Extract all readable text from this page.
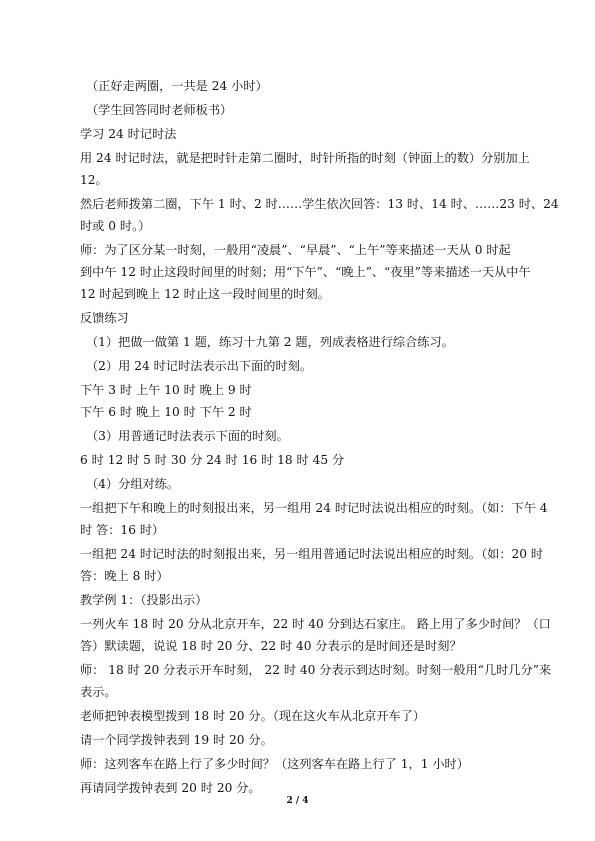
（正好走两圈，一共是 24 小时）
（学生回答同时老师板书）
学习 24 时记时法
用 24 时记时法，就是把时针走第二圈时，时针所指的时刻（钟面上的数）分别加上
12。
然后老师拨第二圈，下午 1 时、2 时……学生依次回答：13 时、14 时、……23 时、24
时或 0 时。）
师：为了区分某一时刻，一般用“凌晨”、“早晨”、“上午”等来描述一天从 0 时起
到中午 12 时止这段时间里的时刻；用“下午”、“晚上”、“夜里”等来描述一天从中午
12 时起到晚上 12 时止这一段时间里的时刻。
反馈练习
（1）把做一做第 1 题，练习十九第 2 题，列成表格进行综合练习。
（2）用 24 时记时法表示出下面的时刻。
下午 3 时 上午 10 时 晚上 9 时
下午 6 时 晚上 10 时 下午 2 时
（3）用普通记时法表示下面的时刻。
6 时 12 时 5 时 30 分 24 时 16 时 18 时 45 分
（4）分组对练。
一组把下午和晚上的时刻报出来，另一组用 24 时记时法说出相应的时刻。（如：下午 4
时 答：16 时）
一组把 24 时记时法的时刻报出来，另一组用普通记时法说出相应的时刻。（如：20 时
答：晚上 8 时）
教学例 1：（投影出示）
一列火车 18 时 20 分从北京开车，22 时 40 分到达石家庄。 路上用了多少时间？（口
答）默读题，说说 18 时 20 分、22 时 40 分表示的是时间还是时刻？
师： 18 时 20 分表示开车时刻， 22 时 40 分表示到达时刻。时刻一般用“几时几分”来
表示。
老师把钟表模型拨到 18 时 20 分。（现在这火车从北京开车了）
请一个同学拨钟表到 19 时 20 分。
师：这列客车在路上行了多少时间？（这列客车在路上行了 1，1 小时）
再请同学拨钟表到 20 时 20 分。
2 / 4
